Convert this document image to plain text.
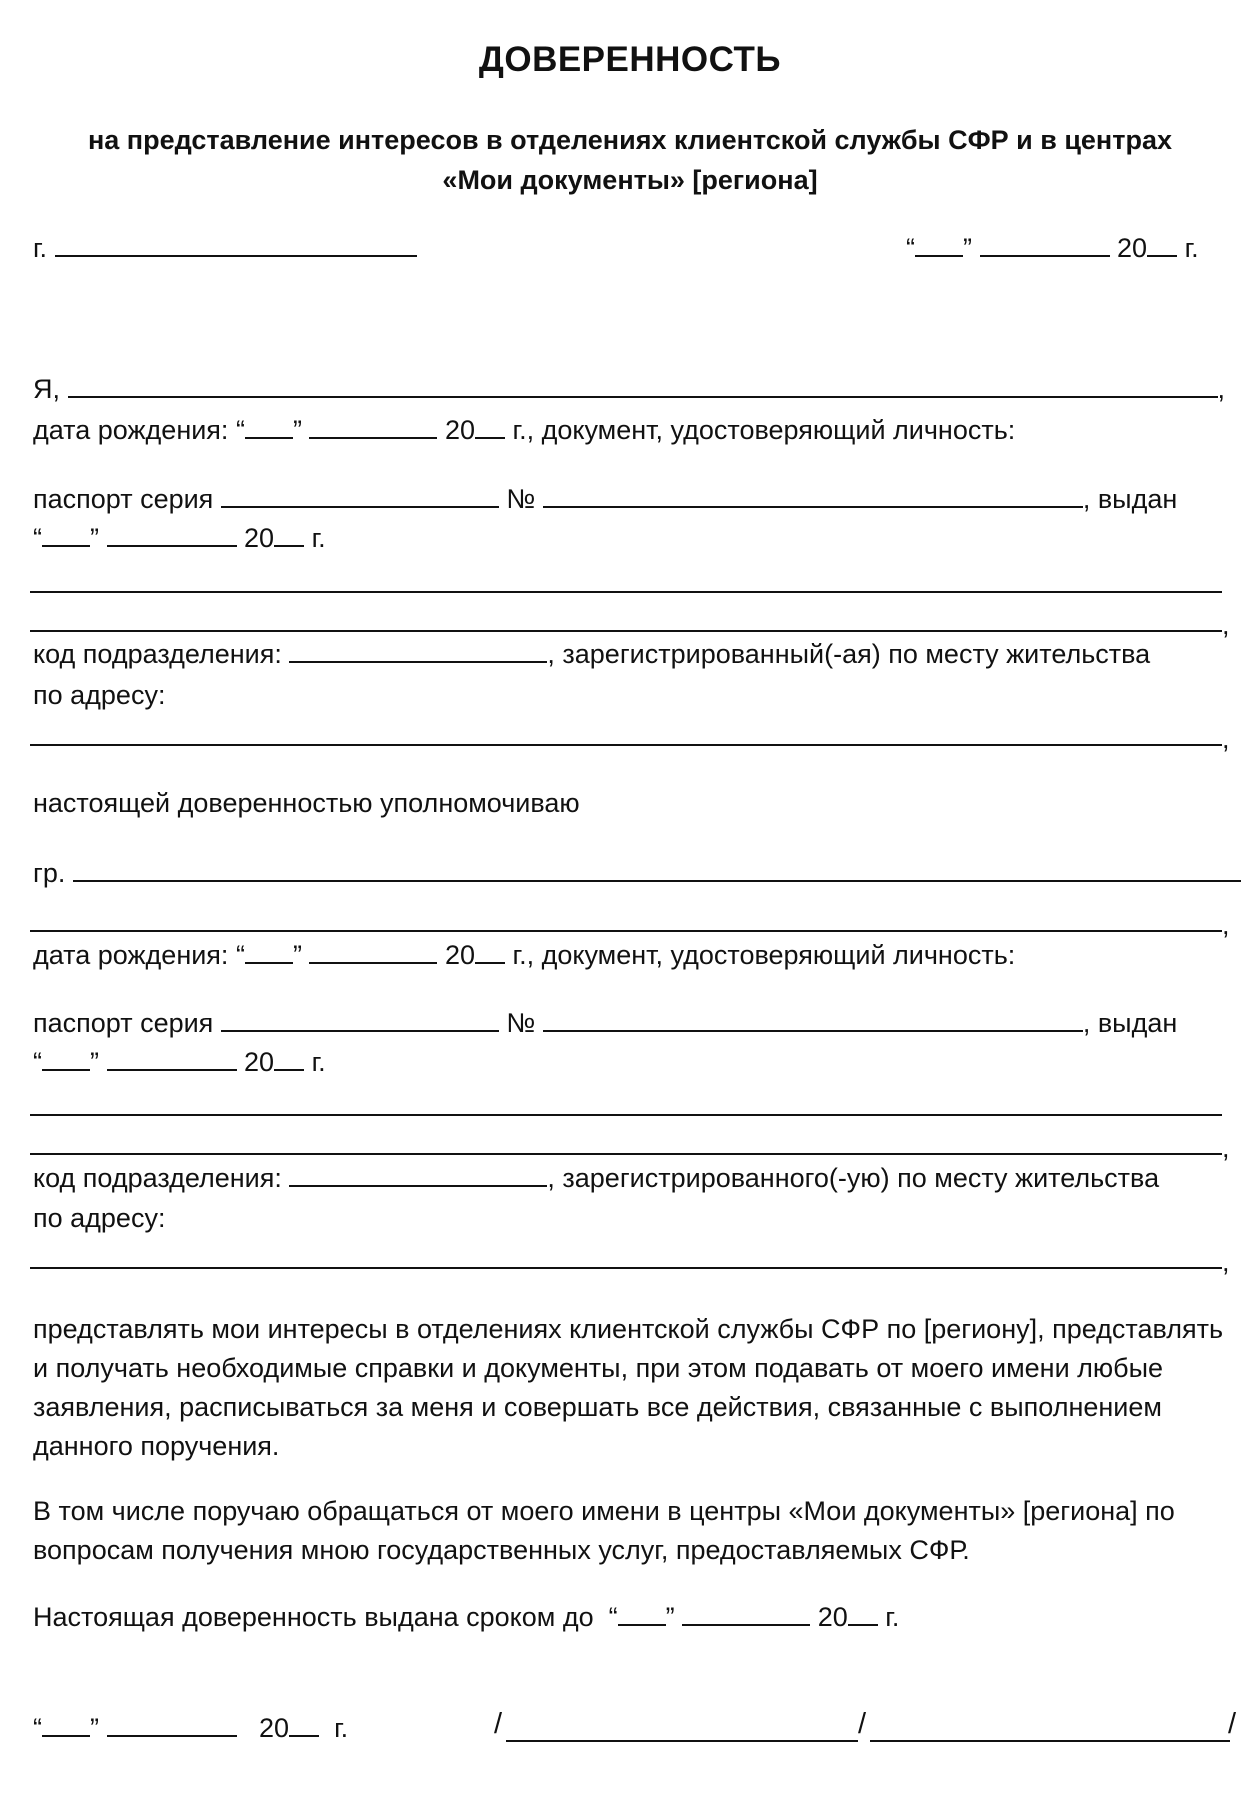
ДОВЕРЕННОСТЬ
на представление интересов в отделениях клиентской службы СФР и в центрах
«Мои документы» [региона]
г.	“ ”	20 г.
Я,	,
дата рождения: “ ”	20 г., документ, удостоверяющий личность:
паспорт серия	№	, выдан
“ ”	20 г.
,
код подразделения:	, зарегистрированный(-ая) по месту жительства
по адресу:
,
настоящей доверенностью уполномочиваю
гр.
,
дата рождения: “ ”	20 г., документ, удостоверяющий личность:
паспорт серия	№	, выдан
“ ”	20 г.
,
код подразделения:	, зарегистрированного(-ую) по месту жительства
по адресу:
,
представлять мои интересы в отделениях клиентской службы СФР по [региону], представлять и получать необходимые справки и документы, при этом подавать от моего имени любые заявления, расписываться за меня и совершать все действия, связанные с выполнением данного поручения.
В том числе поручаю обращаться от моего имени в центры «Мои документы» [региона] по вопросам получения мною государственных услуг, предоставляемых СФР.
Настоящая доверенность выдана сроком до “ ”	20 г.
“ ”	20 г.	/	/	/
